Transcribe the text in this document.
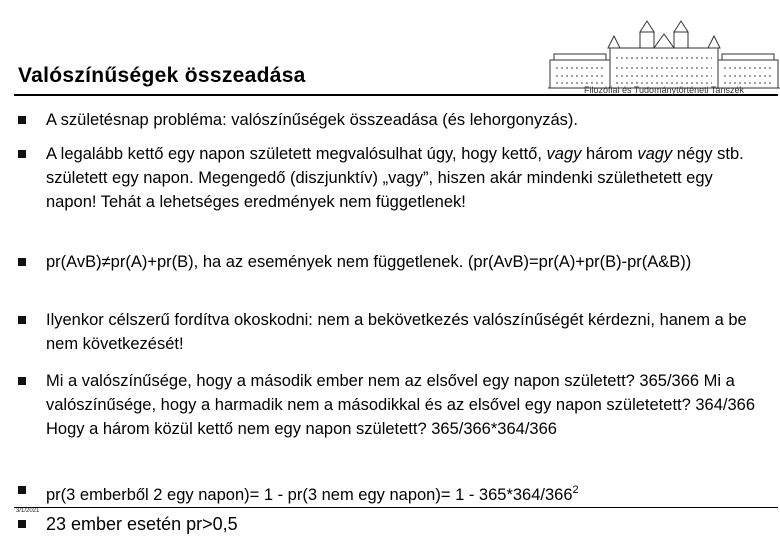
Valószínűségek összeadása
Filozófiai és Tudománytörténeti Tanszék
A születésnap probléma: valószínűségek összeadása (és lehorgonyzás).
A legalább kettő egy napon született megvalósulhat úgy, hogy kettő, vagy három vagy négy stb. született egy napon. Megengedő (diszjunktív) „vagy”, hiszen akár mindenki születhetett egy napon! Tehát a lehetséges eredmények nem függetlenek!
pr(AvB)≠pr(A)+pr(B), ha az események nem függetlenek. (pr(AvB)=pr(A)+pr(B)-pr(A&B))
Ilyenkor célszerű fordítva okoskodni: nem a bekövetkezés valószínűségét kérdezni, hanem a be nem következését!
Mi a valószínűsége, hogy a második ember nem az elsővel egy napon született? 365/366 Mi a valószínűsége, hogy a harmadik nem a másodikkal és az elsővel egy napon születetett? 364/366 Hogy a három közül kettő nem egy napon született? 365/366*364/366
pr(3 emberből 2 egy napon)= 1 - pr(3 nem egy napon)= $1 - 365*364/366^2$
23 ember esetén pr>0,5
3/1/2021
